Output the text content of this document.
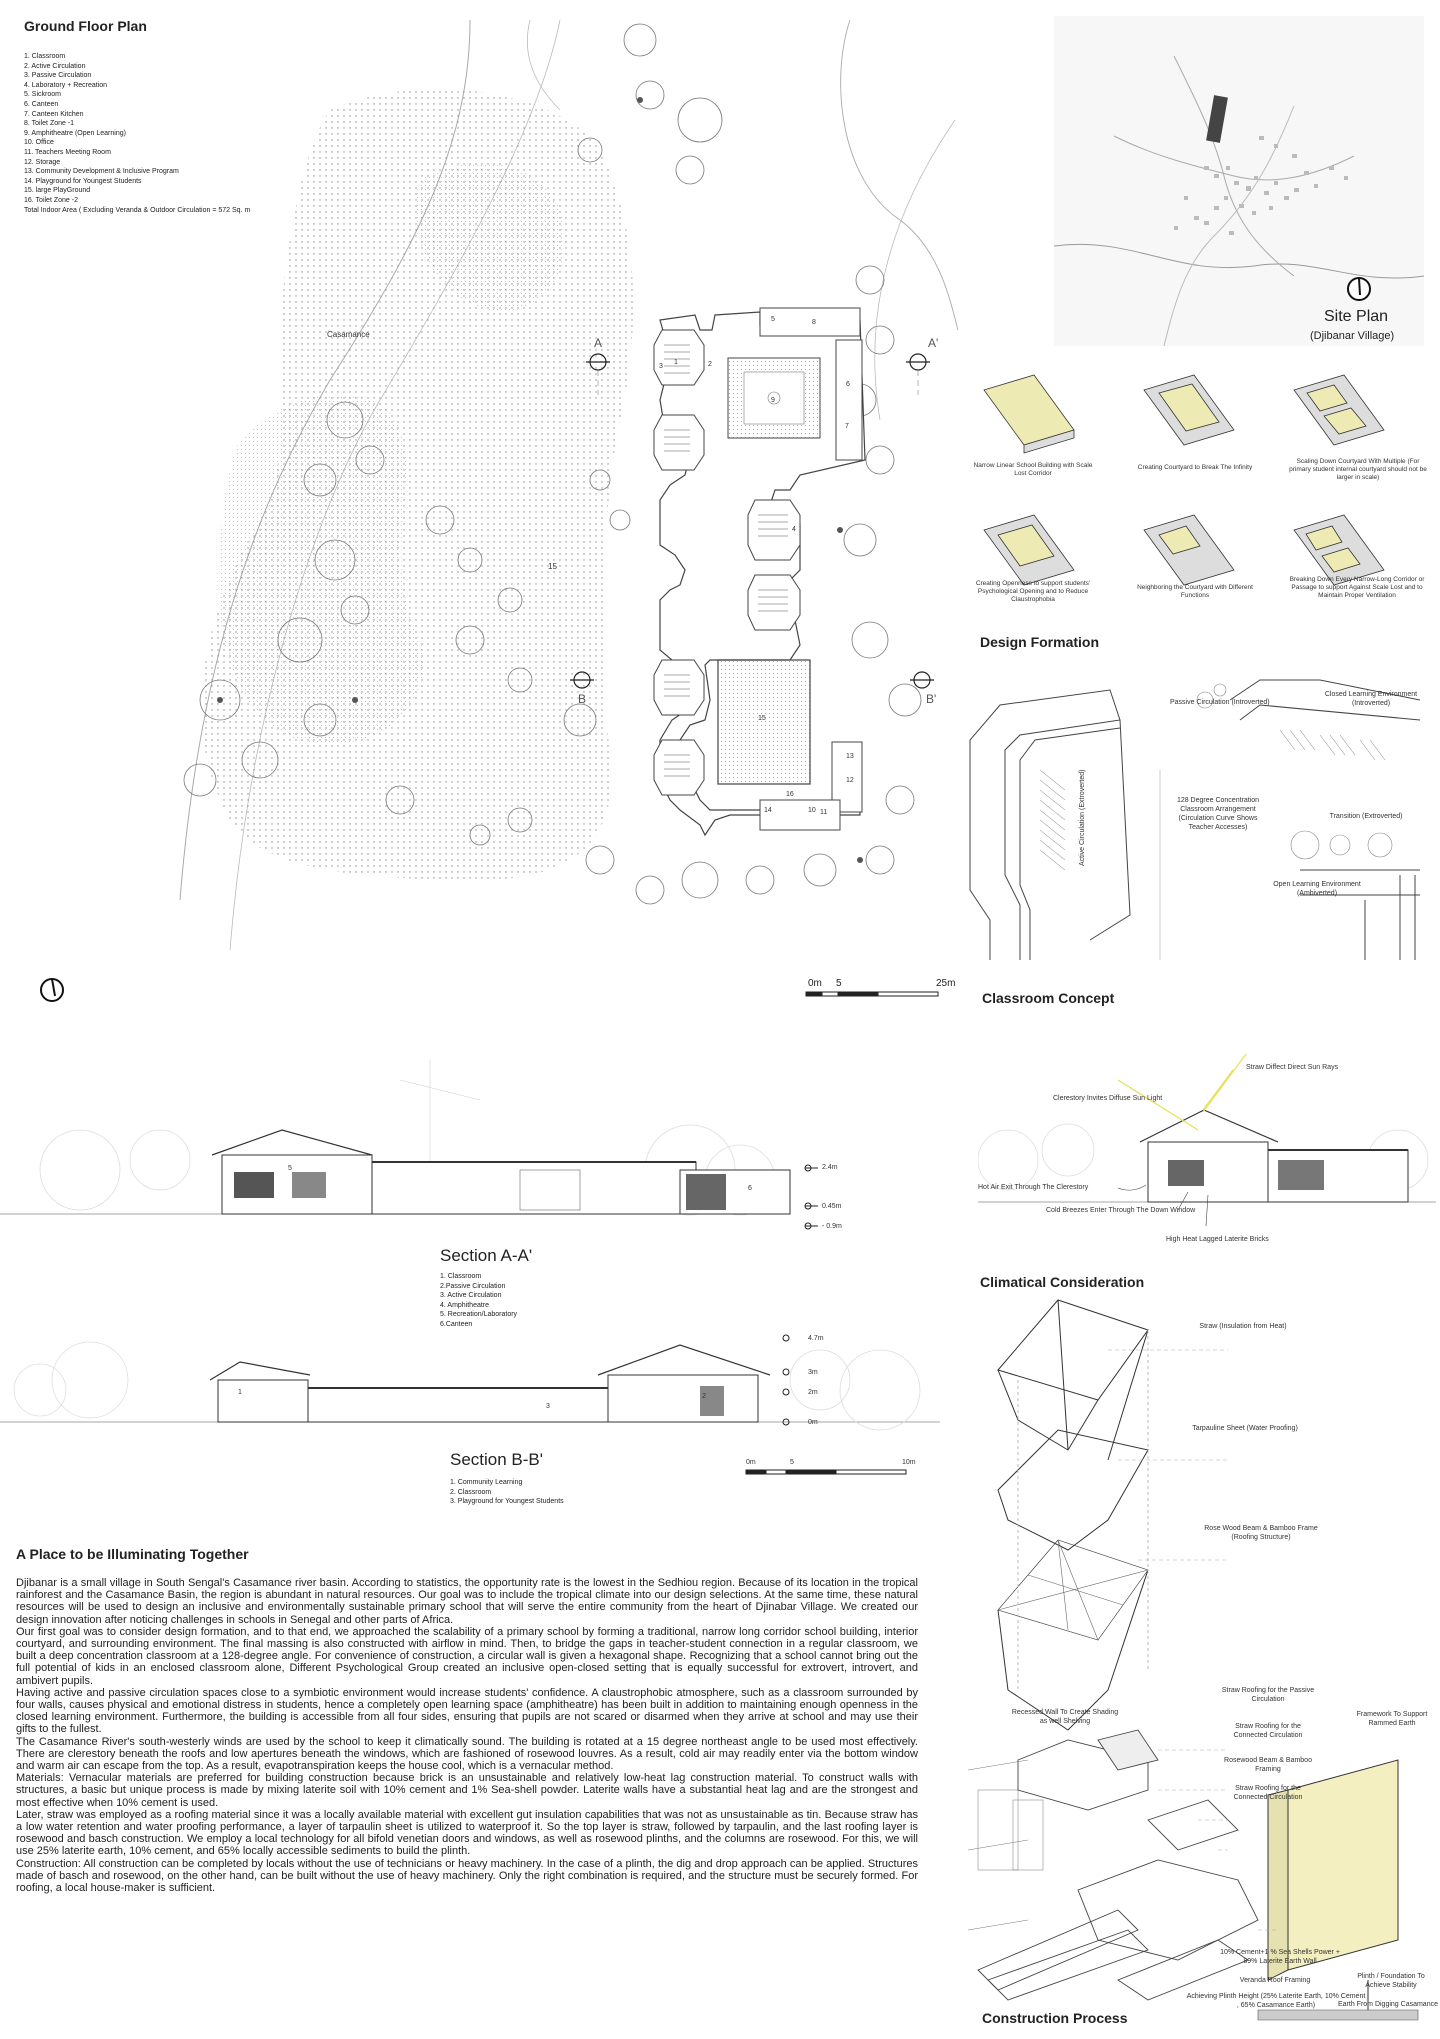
Ground Floor Plan
1. Classroom
2. Active Circulation
3. Passive Circulation
4. Laboratory + Recreation
5. Sickroom
6. Canteen
7. Canteen Kitchen
8. Toilet Zone -1
9. Amphitheatre (Open Learning)
10. Office
11. Teachers Meeting Room
12. Storage
13. Community Development & Inclusive Program
14. Playground for Youngest Students
15. large PlayGround
16. Toilet Zone -2
Total Indoor Area ( Excluding Veranda & Outdoor Circulation = 572 Sq. m
Casamance
A	A'
B	B'
15
1	2
3
4
5
6
7
8
9
10 11
12
13
16
14
15
0m 5	25m
Site Plan
(Djibanar Village)
Narrow Linear School Building with Scale Lost Corridor
Creating Courtyard to Break The Infinity
Scaling Down Courtyard With Multiple (For primary student internal courtyard should not be larger in scale)
Creating Openness to support students' Psychological Opening and to Reduce Claustrophobia
Neighboring the Courtyard with Different Functions
Breaking Down Every Narrow-Long Corridor or Passage to support Against Scale Lost and to Maintain Proper Ventilation
Design Formation
Passive Circulation (Introverted)
Closed Learning Environment (Introverted)
128 Degree Concentration Classroom Arrangement (Circulation Curve Shows Teacher Accesses)
Active Circulation (Extroverted)	Transition (Extroverted)
Open Learning Environment (Ambiverted)
Classroom Concept
5
6
2.4m
0.45m
- 0.9m
Section A-A'
1. Classroom
2.Passive Circulation
3. Active Circulation
4. Amphitheatre
5. Recreation/Laboratory
6.Canteen
1
2
3
4.7m
3m
2m
0m
Section B-B'
1. Community Learning
2. Classroom
3. Playground for Youngest Students
0m	5	10m
Straw Diffect Direct Sun Rays
Clerestory Invites Diffuse Sun Light
Hot Air Exit Through The Clerestory
Cold Breezes Enter Through The Down Window
High Heat Lagged Laterite Bricks
Climatical Consideration
Straw (Insulation from Heat)
Tarpauline Sheet (Water Proofing)
Rose Wood Beam & Bamboo Frame (Roofing Structure)
Straw Roofing for the Passive Circulation
Straw Roofing for the Connected Circulation
Rosewood Beam & Bamboo Framing
Straw Roofing for the Connected Circulation
Recessed Wall To Create Shading as well Shelving
Framework To Support Rammed Earth
10% Cement+1 % Sea Shells Power + 89% Laterite Earth Wall
Veranda Roof Framing
Achieving Plinth Height (25% Laterite Earth, 10% Cement , 65% Casamance Earth)
Plinth / Foundation To Achieve Stability
Earth From Digging Casamance
Construction Process
A Place to be Illuminating Together

Djibanar is a small village in South Sengal's Casamance river basin. According to statistics, the opportunity rate is the lowest in the Sedhiou region. Because of its location in the tropical rainforest and the Casamance Basin, the region is abundant in natural resources. Our goal was to include the tropical climate into our design selections. At the same time, these natural resources will be used to design an inclusive and environmentally sustainable primary school that will serve the entire community from the heart of Djinabar Village. We created our design innovation after noticing challenges in schools in Senegal and other parts of Africa.

Our first goal was to consider design formation, and to that end, we approached the scalability of a primary school by forming a traditional, narrow long corridor school building, interior courtyard, and surrounding environment. The final massing is also constructed with airflow in mind. Then, to bridge the gaps in teacher-student connection in a regular classroom, we built a deep concentration classroom at a 128-degree angle. For convenience of construction, a circular wall is given a hexagonal shape. Recognizing that a school cannot bring out the full potential of kids in an enclosed classroom alone, Different Psychological Group created an inclusive open-closed setting that is equally successful for extrovert, introvert, and ambivert pupils.

Having active and passive circulation spaces close to a symbiotic environment would increase students' confidence. A claustrophobic atmosphere, such as a classroom surrounded by four walls, causes physical and emotional distress in students, hence a completely open learning space (amphitheatre) has been built in addition to maintaining enough openness in the closed learning environment. Furthermore, the building is accessible from all four sides, ensuring that pupils are not scared or disarmed when they arrive at school and may use their gifts to the fullest.

The Casamance River's south-westerly winds are used by the school to keep it climatically sound. The building is rotated at a 15 degree northeast angle to be used most effectively. There are clerestory beneath the roofs and low apertures beneath the windows, which are fashioned of rosewood louvres. As a result, cold air may readily enter via the bottom window and warm air can escape from the top. As a result, evapotranspiration keeps the house cool, which is a vernacular method.

Materials: Vernacular materials are preferred for building construction because brick is an unsustainable and relatively low-heat lag construction material. To construct walls with structures, a basic but unique process is made by mixing laterite soil with 10% cement and 1% Sea-shell powder. Laterite walls have a substantial heat lag and are the strongest and most effective when 10% cement is used.

Later, straw was employed as a roofing material since it was a locally available material with excellent gut insulation capabilities that was not as unsustainable as tin. Because straw has a low water retention and water proofing performance, a layer of tarpaulin sheet is utilized to waterproof it. So the top layer is straw, followed by tarpaulin, and the last roofing layer is rosewood and basch construction. We employ a local technology for all bifold venetian doors and windows, as well as rosewood plinths, and the columns are rosewood. For this, we will use 25% laterite earth, 10% cement, and 65% locally accessible sediments to build the plinth.

Construction: All construction can be completed by locals without the use of technicians or heavy machinery. In the case of a plinth, the dig and drop approach can be applied. Structures made of basch and rosewood, on the other hand, can be built without the use of heavy machinery. Only the right combination is required, and the structure must be securely formed. For roofing, a local house-maker is sufficient.
